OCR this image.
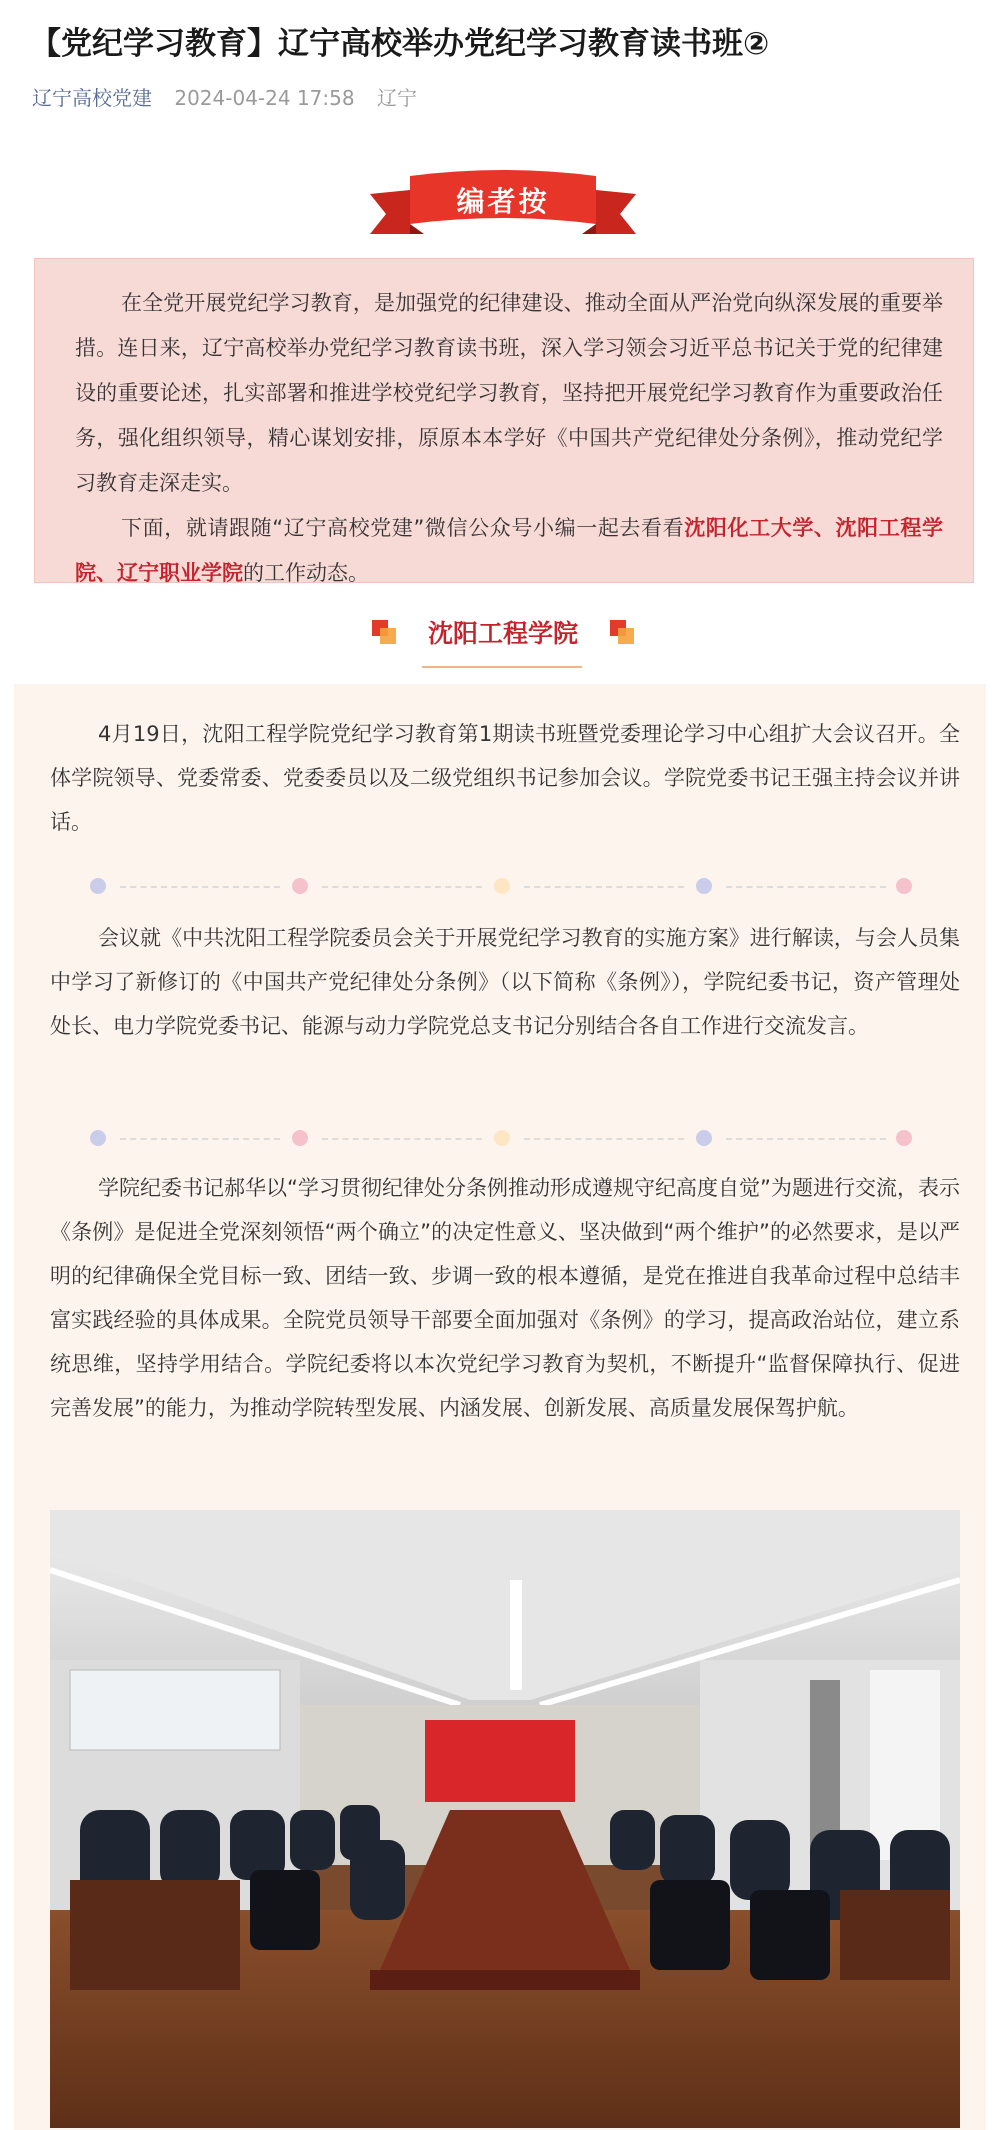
【党纪学习教育】辽宁高校举办党纪学习教育读书班②
辽宁高校党建 2024-04-24 17:58 辽宁
编者按

在全党开展党纪学习教育，是加强党的纪律建设、推动全面从严治党向纵深发展的重要举措。连日来，辽宁高校举办党纪学习教育读书班，深入学习领会习近平总书记关于党的纪律建设的重要论述，扎实部署和推进学校党纪学习教育，坚持把开展党纪学习教育作为重要政治任务，强化组织领导，精心谋划安排，原原本本学好《中国共产党纪律处分条例》，推动党纪学习教育走深走实。

下面，就请跟随“辽宁高校党建”微信公众号小编一起去看看沈阳化工大学、沈阳工程学院、辽宁职业学院的工作动态。

沈阳工程学院

4月19日，沈阳工程学院党纪学习教育第1期读书班暨党委理论学习中心组扩大会议召开。全体学院领导、党委常委、党委委员以及二级党组织书记参加会议。学院党委书记王强主持会议并讲话。

会议就《中共沈阳工程学院委员会关于开展党纪学习教育的实施方案》进行解读，与会人员集中学习了新修订的《中国共产党纪律处分条例》（以下简称《条例》），学院纪委书记，资产管理处处长、电力学院党委书记、能源与动力学院党总支书记分别结合各自工作进行交流发言。

学院纪委书记郝华以“学习贯彻纪律处分条例推动形成遵规守纪高度自觉”为题进行交流，表示《条例》是促进全党深刻领悟“两个确立”的决定性意义、坚决做到“两个维护”的必然要求，是以严明的纪律确保全党目标一致、团结一致、步调一致的根本遵循，是党在推进自我革命过程中总结丰富实践经验的具体成果。全院党员领导干部要全面加强对《条例》的学习，提高政治站位，建立系统思维，坚持学用结合。学院纪委将以本次党纪学习教育为契机，不断提升“监督保障执行、促进完善发展”的能力，为推动学院转型发展、内涵发展、创新发展、高质量发展保驾护航。
